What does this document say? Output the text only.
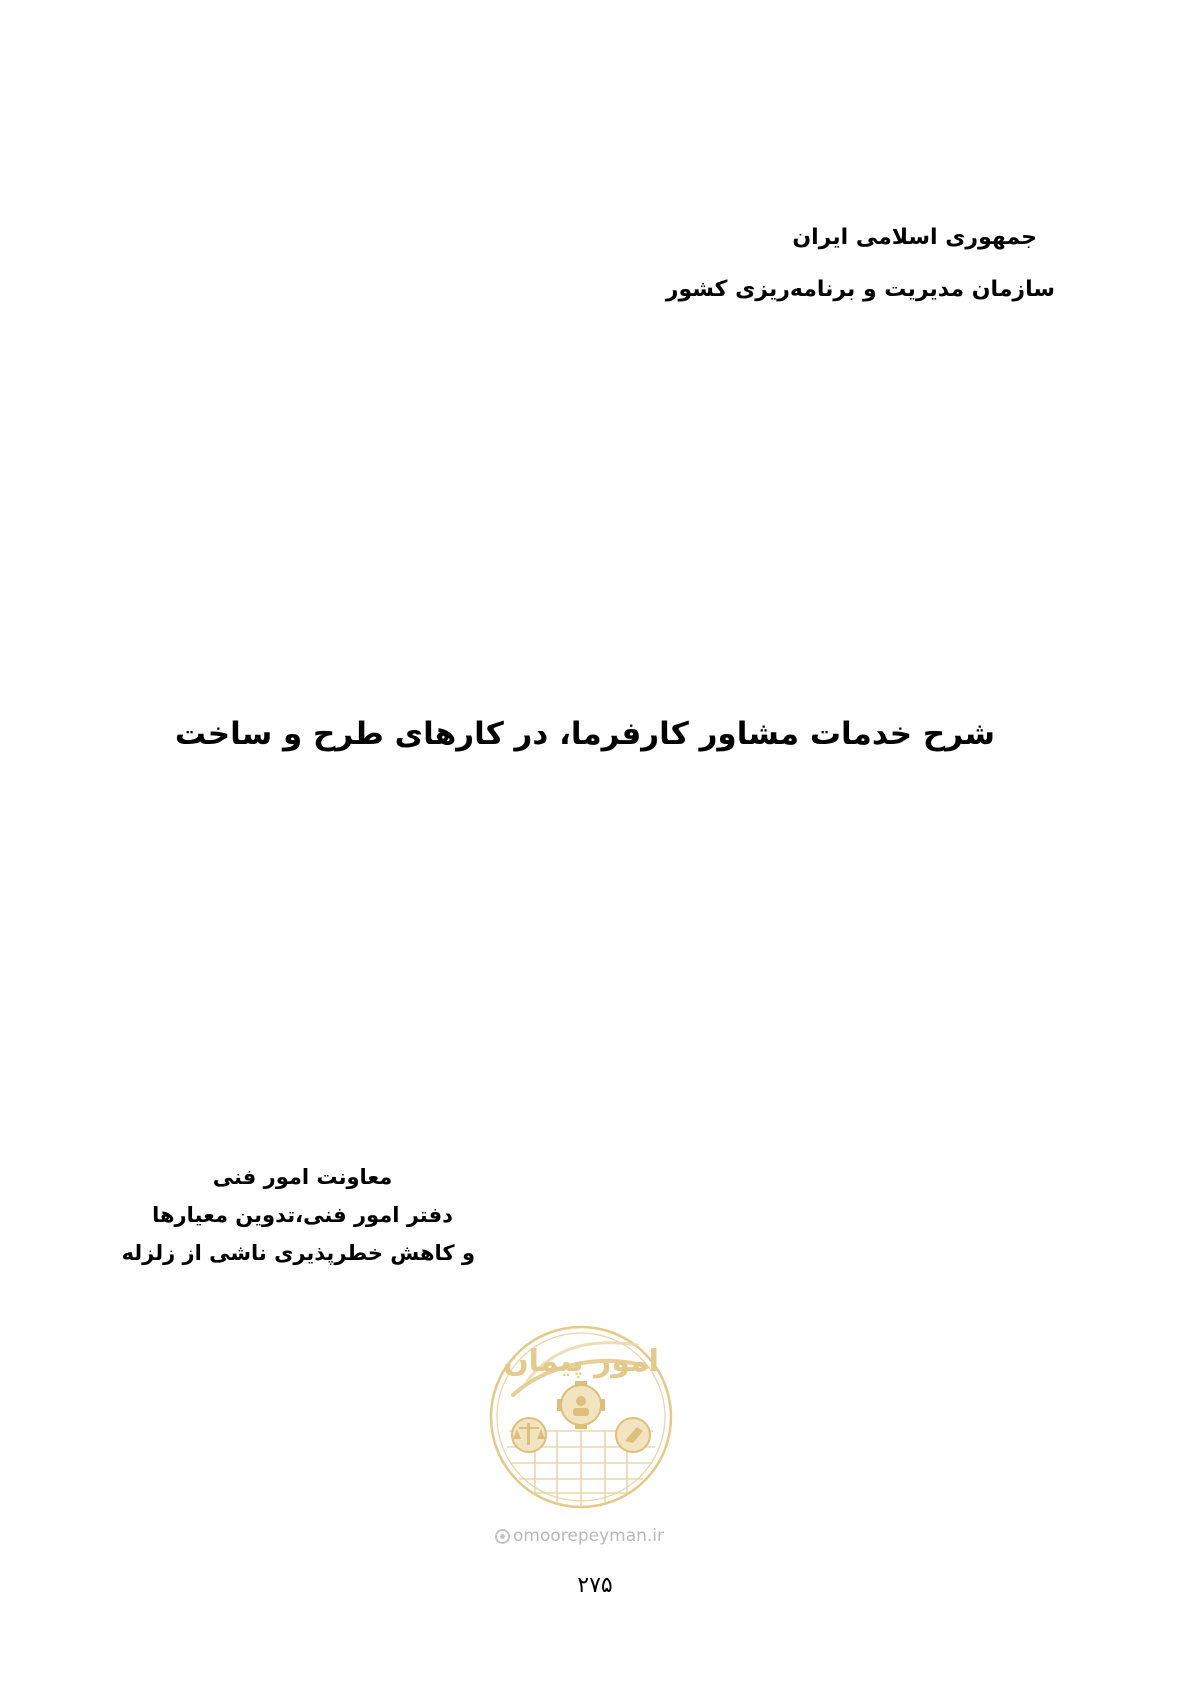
جمهوری اسلامی ایران
سازمان مدیریت و برنامه‌ریزی کشور
شرح خدمات مشاور کارفرما، در کارهای طرح و ساخت
معاونت امور فنی
دفتر امور فنی،تدوین معیارها
و کاهش خطرپذیری ناشی از زلزله
امور پیمان
omoorepeyman.ir
۲۷۵
